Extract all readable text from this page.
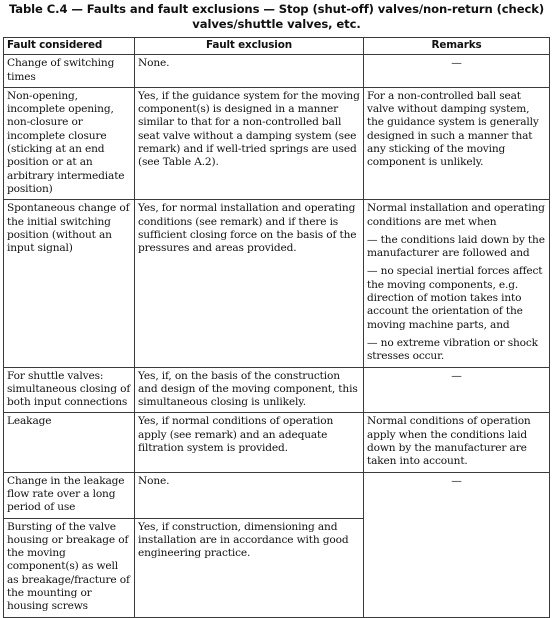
Table C.4 — Faults and fault exclusions — Stop (shut-off) valves/non-return (check)
valves/shuttle valves, etc.
Fault considered	Fault exclusion	Remarks
Change of switching times	None.	—

Non-opening, incomplete opening, non-closure or incomplete closure (sticking at an end position or at an arbitrary intermediate position)	Yes, if the guidance system for the moving component(s) is designed in a manner similar to that for a non-controlled ball seat valve without a damping system (see remark) and if well-tried springs are used (see Table A.2).	For a non-controlled ball seat valve without damping system, the guidance system is generally designed in such a manner that any sticking of the moving component is unlikely.

Spontaneous change of the initial switching position (without an input signal)	Yes, for normal installation and operating conditions (see remark) and if there is sufficient closing force on the basis of the pressures and areas provided.	Normal installation and operating conditions are met when
— the conditions laid down by the manufacturer are followed and
— no special inertial forces affect the moving components, e.g. direction of motion takes into account the orientation of the moving machine parts, and
— no extreme vibration or shock stresses occur.

For shuttle valves: simultaneous closing of both input connections	Yes, if, on the basis of the construction and design of the moving component, this simultaneous closing is unlikely.	—

Leakage	Yes, if normal conditions of operation apply (see remark) and an adequate filtration system is provided.	Normal conditions of operation apply when the conditions laid down by the manufacturer are taken into account.

Change in the leakage flow rate over a long period of use	None.	—

Bursting of the valve housing or breakage of the moving component(s) as well as breakage/fracture of the mounting or housing screws	Yes, if construction, dimensioning and installation are in accordance with good engineering practice.	
